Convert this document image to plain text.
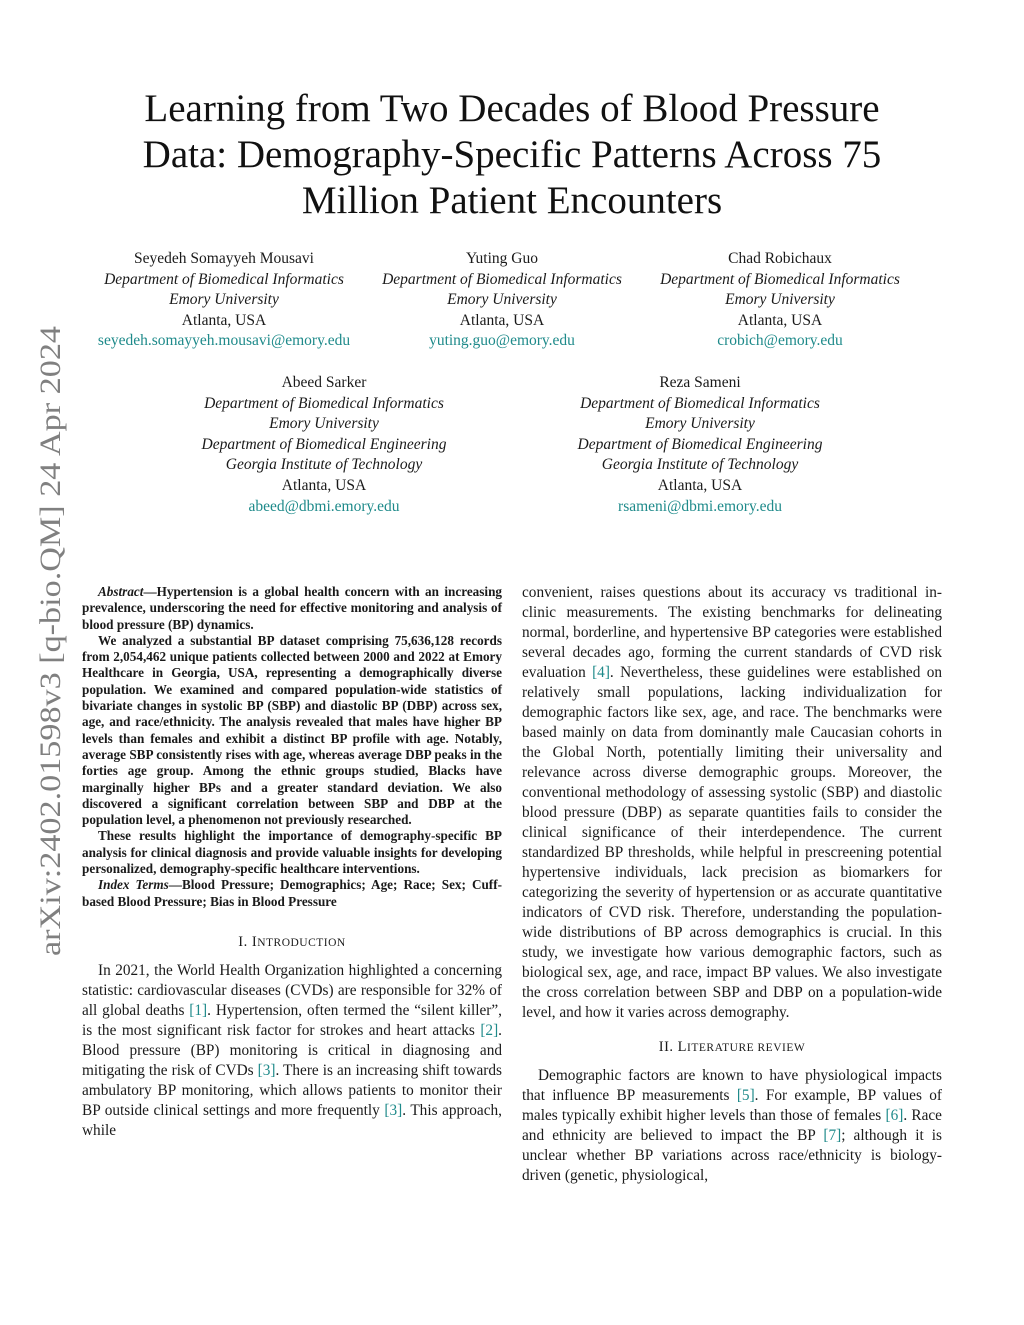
arXiv:2402.01598v3 [q-bio.QM] 24 Apr 2024
Learning from Two Decades of Blood Pressure Data: Demography-Specific Patterns Across 75 Million Patient Encounters
Seyedeh Somayyeh Mousavi
Department of Biomedical Informatics
Emory University
Atlanta, USA
seyedeh.somayyeh.mousavi@emory.edu
Yuting Guo
Department of Biomedical Informatics
Emory University
Atlanta, USA
yuting.guo@emory.edu
Chad Robichaux
Department of Biomedical Informatics
Emory University
Atlanta, USA
crobich@emory.edu
Abeed Sarker
Department of Biomedical Informatics
Emory University
Department of Biomedical Engineering
Georgia Institute of Technology
Atlanta, USA
abeed@dbmi.emory.edu
Reza Sameni
Department of Biomedical Informatics
Emory University
Department of Biomedical Engineering
Georgia Institute of Technology
Atlanta, USA
rsameni@dbmi.emory.edu

Abstract—Hypertension is a global health concern with an increasing prevalence, underscoring the need for effective monitoring and analysis of blood pressure (BP) dynamics.

We analyzed a substantial BP dataset comprising 75,636,128 records from 2,054,462 unique patients collected between 2000 and 2022 at Emory Healthcare in Georgia, USA, representing a demographically diverse population. We examined and compared population-wide statistics of bivariate changes in systolic BP (SBP) and diastolic BP (DBP) across sex, age, and race/ethnicity. The analysis revealed that males have higher BP levels than females and exhibit a distinct BP profile with age. Notably, average SBP consistently rises with age, whereas average DBP peaks in the forties age group. Among the ethnic groups studied, Blacks have marginally higher BPs and a greater standard deviation. We also discovered a significant correlation between SBP and DBP at the population level, a phenomenon not previously researched.

These results highlight the importance of demography-specific BP analysis for clinical diagnosis and provide valuable insights for developing personalized, demography-specific healthcare interventions.

Index Terms—Blood Pressure; Demographics; Age; Race; Sex; Cuff-based Blood Pressure; Bias in Blood Pressure

I. INTRODUCTION

In 2021, the World Health Organization highlighted a concerning statistic: cardiovascular diseases (CVDs) are responsible for 32% of all global deaths [1]. Hypertension, often termed the “silent killer”, is the most significant risk factor for strokes and heart attacks [2]. Blood pressure (BP) monitoring is critical in diagnosing and mitigating the risk of CVDs [3]. There is an increasing shift towards ambulatory BP monitoring, which allows patients to monitor their BP outside clinical settings and more frequently [3]. This approach, while

convenient, raises questions about its accuracy vs traditional in-clinic measurements. The existing benchmarks for delineating normal, borderline, and hypertensive BP categories were established several decades ago, forming the current standards of CVD risk evaluation [4]. Nevertheless, these guidelines were established on relatively small populations, lacking individualization for demographic factors like sex, age, and race. The benchmarks were based mainly on data from dominantly male Caucasian cohorts in the Global North, potentially limiting their universality and relevance across diverse demographic groups. Moreover, the conventional methodology of assessing systolic (SBP) and diastolic blood pressure (DBP) as separate quantities fails to consider the clinical significance of their interdependence. The current standardized BP thresholds, while helpful in prescreening potential hypertensive individuals, lack precision as biomarkers for categorizing the severity of hypertension or as accurate quantitative indicators of CVD risk. Therefore, understanding the population-wide distributions of BP across demographics is crucial. In this study, we investigate how various demographic factors, such as biological sex, age, and race, impact BP values. We also investigate the cross correlation between SBP and DBP on a population-wide level, and how it varies across demography.

II. LITERATURE REVIEW

Demographic factors are known to have physiological impacts that influence BP measurements [5]. For example, BP values of males typically exhibit higher levels than those of females [6]. Race and ethnicity are believed to impact the BP [7]; although it is unclear whether BP variations across race/ethnicity is biology-driven (genetic, physiological,
